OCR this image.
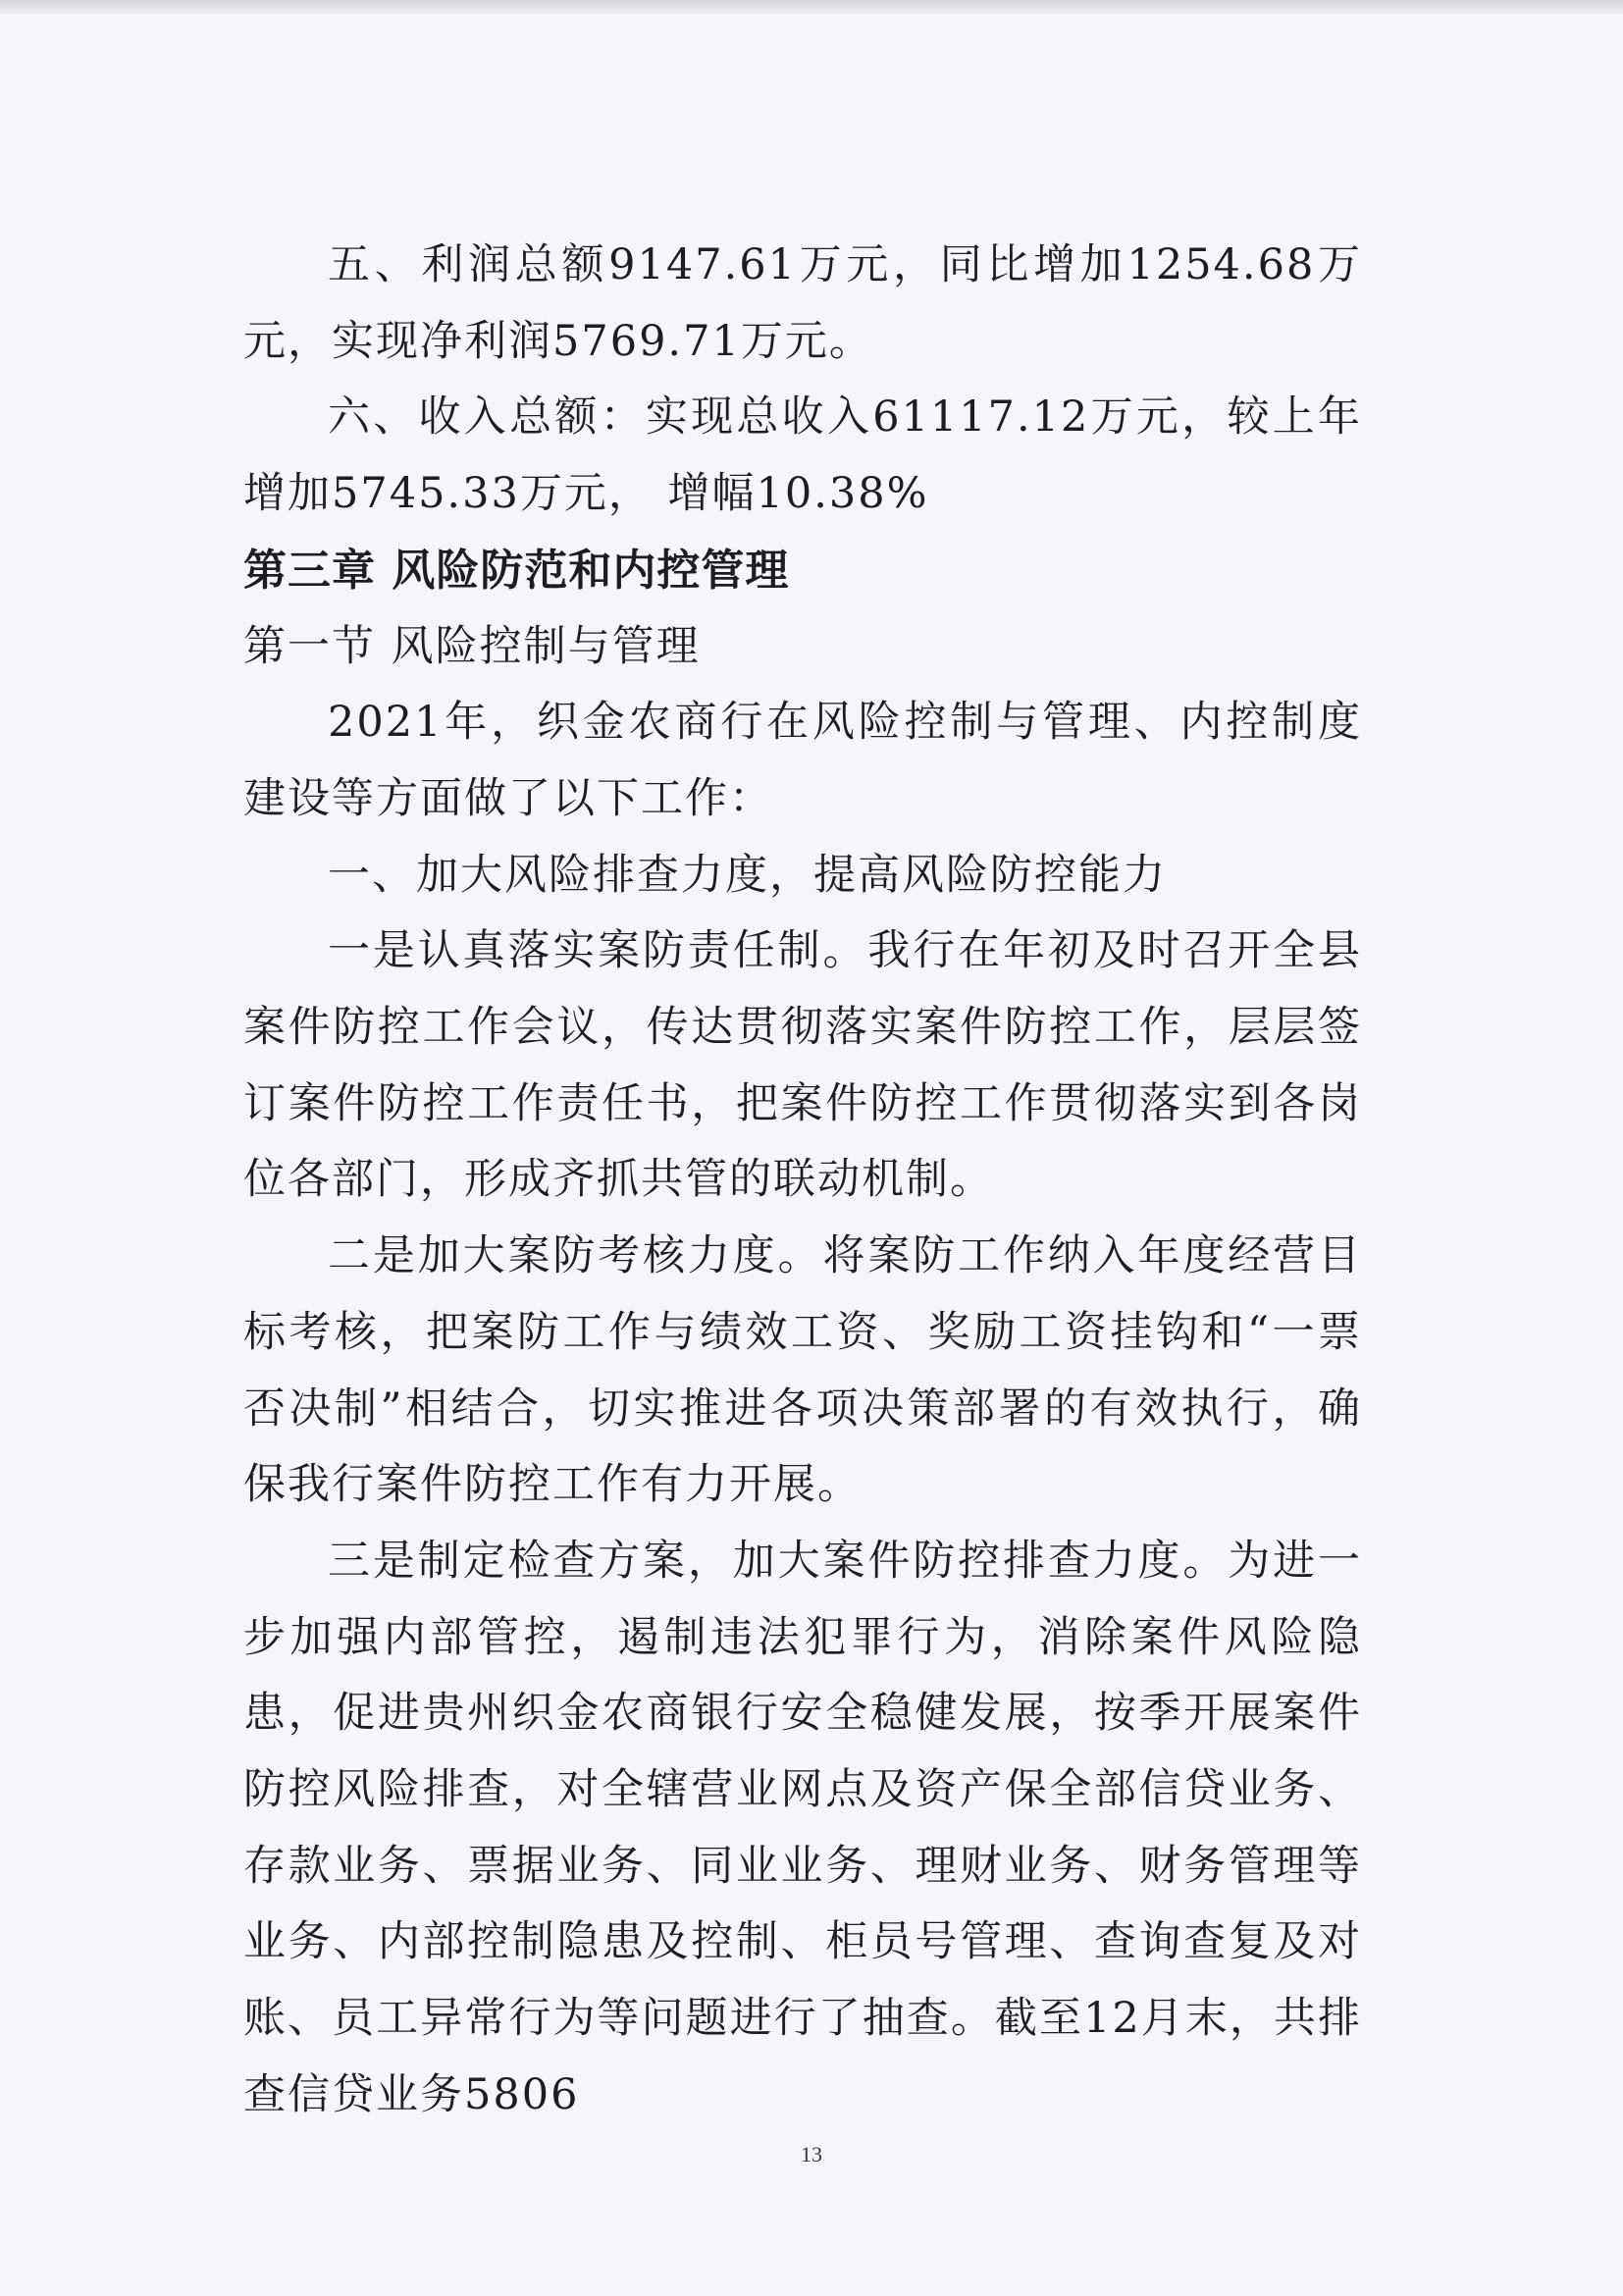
五、利润总额9147.61万元，同比增加1254.68万元，实现净利润5769.71万元。

六、收入总额：实现总收入61117.12万元，较上年增加5745.33万元， 增幅10.38%

第三章 风险防范和内控管理

第一节 风险控制与管理

2021年，织金农商行在风险控制与管理、内控制度建设等方面做了以下工作：

一、加大风险排查力度，提高风险防控能力

一是认真落实案防责任制。我行在年初及时召开全县案件防控工作会议，传达贯彻落实案件防控工作，层层签订案件防控工作责任书，把案件防控工作贯彻落实到各岗位各部门，形成齐抓共管的联动机制。

二是加大案防考核力度。将案防工作纳入年度经营目标考核，把案防工作与绩效工资、奖励工资挂钩和“一票否决制”相结合，切实推进各项决策部署的有效执行，确保我行案件防控工作有力开展。

三是制定检查方案，加大案件防控排查力度。为进一步加强内部管控，遏制违法犯罪行为，消除案件风险隐患，促进贵州织金农商银行安全稳健发展，按季开展案件防控风险排查，对全辖营业网点及资产保全部信贷业务、存款业务、票据业务、同业业务、理财业务、财务管理等业务、内部控制隐患及控制、柜员号管理、查询查复及对账、员工异常行为等问题进行了抽查。截至12月末，共排查信贷业务5806

13
